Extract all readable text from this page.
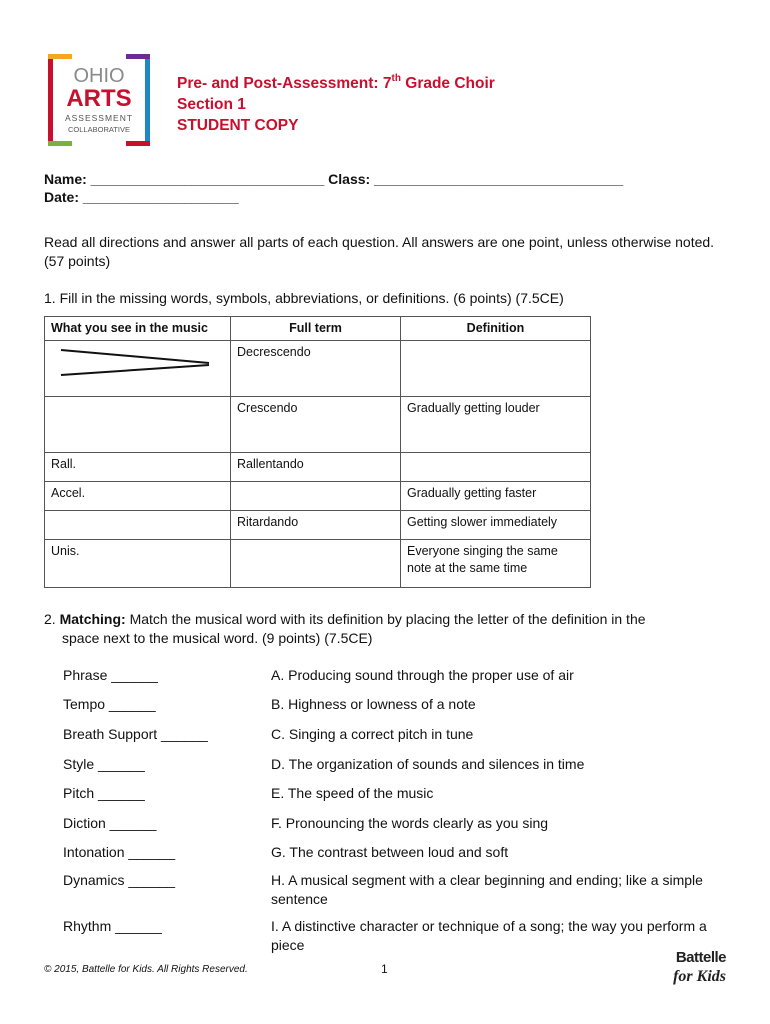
OHIO
ARTS
ASSESSMENT
COLLABORATIVE
Pre- and Post-Assessment: 7th Grade Choir
Section 1
STUDENT COPY
Name: ______________________________ Class: ________________________________
Date: ____________________
Read all directions and answer all parts of each question. All answers are one point, unless otherwise noted. (57 points)
1. Fill in the missing words, symbols, abbreviations, or definitions. (6 points) (7.5CE)
What you see in the music	Full term	Definition

	Decrescendo	
	Crescendo	Gradually getting louder
Rall.	Rallentando	
Accel.		Gradually getting faster
	Ritardando	Getting slower immediately
Unis.		Everyone singing the same note at the same time
2. Matching: Match the musical word with its definition by placing the letter of the definition in the
space next to the musical word. (9 points) (7.5CE)
Phrase ______	A. Producing sound through the proper use of air
Tempo ______	B. Highness or lowness of a note
Breath Support ______	C. Singing a correct pitch in tune
Style ______	D. The organization of sounds and silences in time
Pitch ______	E. The speed of the music
Diction ______	F. Pronouncing the words clearly as you sing
Intonation ______	G. The contrast between loud and soft
Dynamics ______	H. A musical segment with a clear beginning and ending; like a simple sentence
Rhythm ______	I. A distinctive character or technique of a song; the way you perform a piece
© 2015, Battelle for Kids. All Rights Reserved.	1
Battelle
for Kids
